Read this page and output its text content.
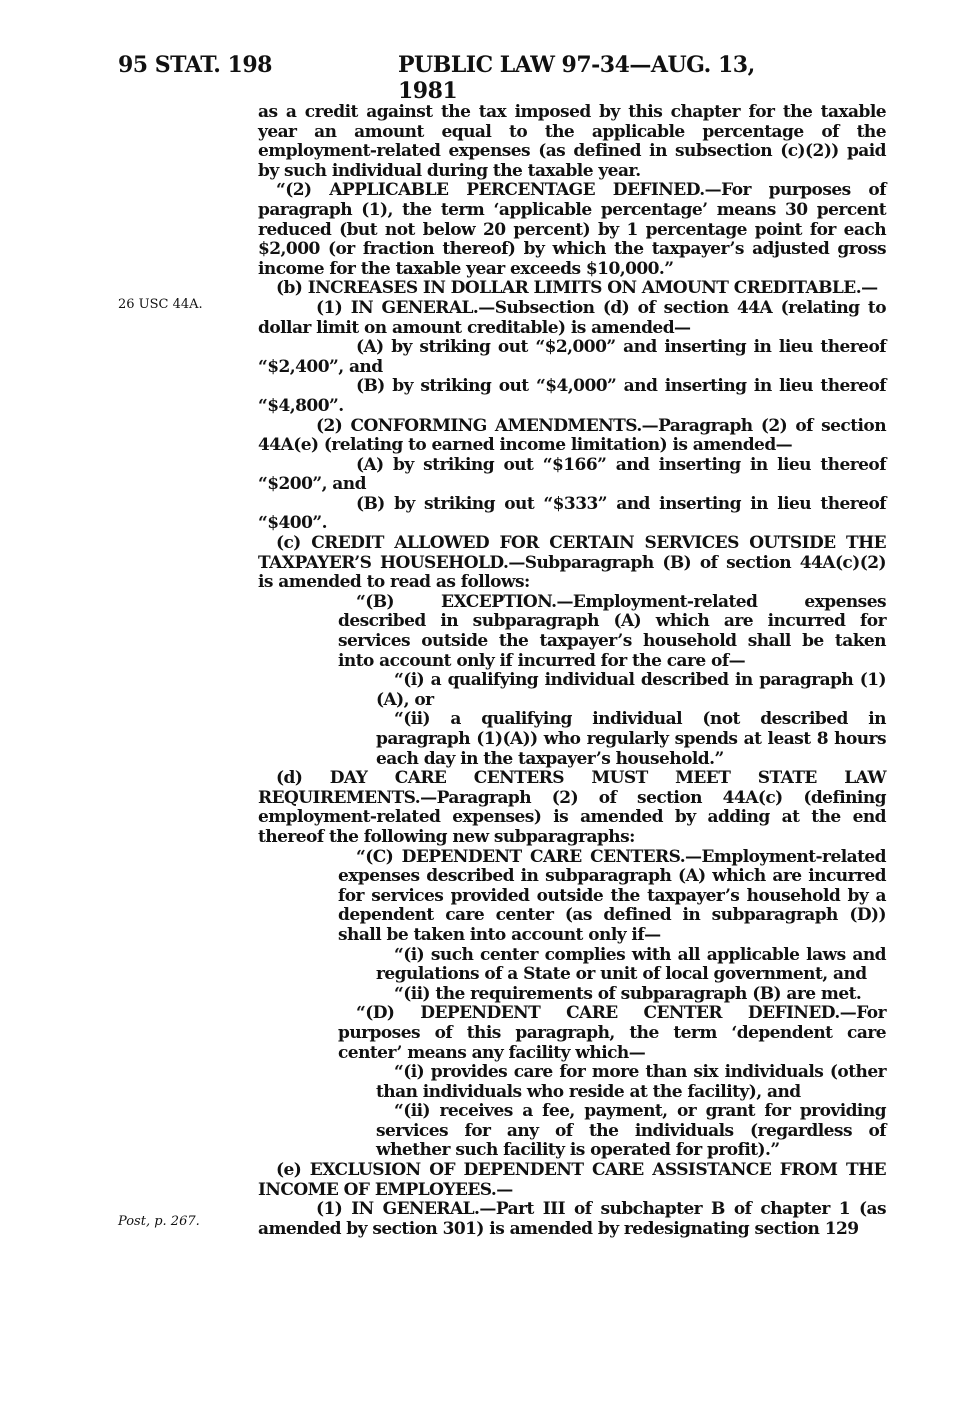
95 STAT. 198	PUBLIC LAW 97-34—AUG. 13, 1981
26 USC 44A.
Post, p. 267.

as a credit against the tax imposed by this chapter for the taxable year an amount equal to the applicable percentage of the employment-related expenses (as defined in subsection (c)(2)) paid by such individual during the taxable year.

“(2) APPLICABLE PERCENTAGE DEFINED.—For purposes of paragraph (1), the term ‘applicable percentage’ means 30 percent reduced (but not below 20 percent) by 1 percentage point for each $2,000 (or fraction thereof) by which the taxpayer’s adjusted gross income for the taxable year exceeds $10,000.”

(b) INCREASES IN DOLLAR LIMITS ON AMOUNT CREDITABLE.—

(1) IN GENERAL.—Subsection (d) of section 44A (relating to dollar limit on amount creditable) is amended—

(A) by striking out “$2,000” and inserting in lieu thereof “$2,400”, and

(B) by striking out “$4,000” and inserting in lieu thereof “$4,800”.

(2) CONFORMING AMENDMENTS.—Paragraph (2) of section 44A(e) (relating to earned income limitation) is amended—

(A) by striking out “$166” and inserting in lieu thereof “$200”, and

(B) by striking out “$333” and inserting in lieu thereof “$400”.

(c) CREDIT ALLOWED FOR CERTAIN SERVICES OUTSIDE THE TAXPAYER’S HOUSEHOLD.—Subparagraph (B) of section 44A(c)(2) is amended to read as follows:

“(B) EXCEPTION.—Employment-related expenses described in subparagraph (A) which are incurred for services outside the taxpayer’s household shall be taken into account only if incurred for the care of—

“(i) a qualifying individual described in paragraph (1)(A), or

“(ii) a qualifying individual (not described in paragraph (1)(A)) who regularly spends at least 8 hours each day in the taxpayer’s household.”

(d) DAY CARE CENTERS MUST MEET STATE LAW REQUIREMENTS.—Paragraph (2) of section 44A(c) (defining employment-related expenses) is amended by adding at the end thereof the following new subparagraphs:

“(C) DEPENDENT CARE CENTERS.—Employment-related expenses described in subparagraph (A) which are incurred for services provided outside the taxpayer’s household by a dependent care center (as defined in subparagraph (D)) shall be taken into account only if—

“(i) such center complies with all applicable laws and regulations of a State or unit of local government, and

“(ii) the requirements of subparagraph (B) are met.

“(D) DEPENDENT CARE CENTER DEFINED.—For purposes of this paragraph, the term ‘dependent care center’ means any facility which—

“(i) provides care for more than six individuals (other than individuals who reside at the facility), and

“(ii) receives a fee, payment, or grant for providing services for any of the individuals (regardless of whether such facility is operated for profit).”

(e) EXCLUSION OF DEPENDENT CARE ASSISTANCE FROM THE INCOME OF EMPLOYEES.—

(1) IN GENERAL.—Part III of subchapter B of chapter 1 (as amended by section 301) is amended by redesignating section 129
